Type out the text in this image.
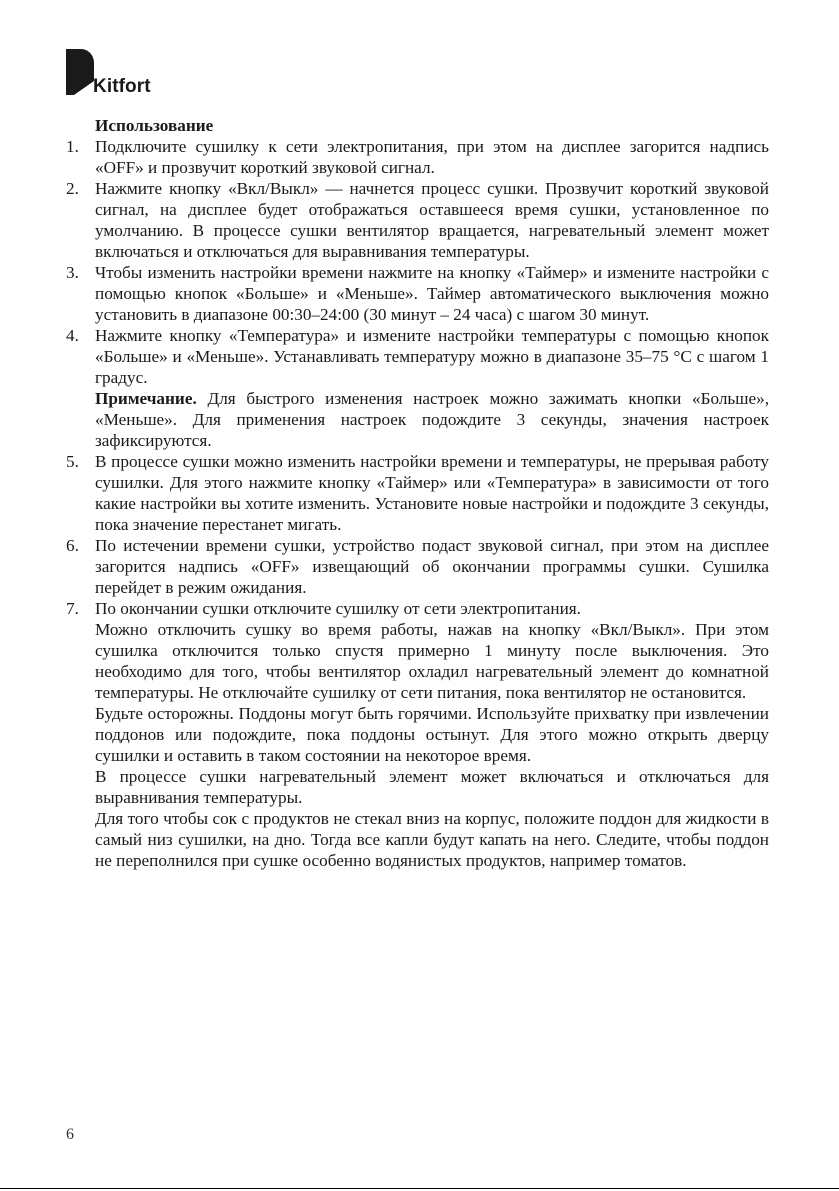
Kitfort

Использование

1. Подключите сушилку к сети электропитания, при этом на дисплее загорится надпись «OFF» и прозвучит короткий звуковой сигнал.

2. Нажмите кнопку «Вкл/Выкл» — начнется процесс сушки. Прозвучит короткий звуковой сигнал, на дисплее будет отображаться оставшееся время сушки, установленное по умолчанию. В процессе сушки вентилятор вращается, нагревательный элемент может включаться и отключаться для выравнивания температуры.

3. Чтобы изменить настройки времени нажмите на кнопку «Таймер» и измените настройки с помощью кнопок «Больше» и «Меньше». Таймер автоматического выключения можно установить в диапазоне 00:30–24:00 (30 минут – 24 часа) с шагом 30 минут.

4. Нажмите кнопку «Температура» и измените настройки температуры с помощью кнопок «Больше» и «Меньше». Устанавливать температуру можно в диапазоне 35–75 °С с шагом 1 градус.

Примечание. Для быстрого изменения настроек можно зажимать кнопки «Больше», «Меньше». Для применения настроек подождите 3 секунды, значения настроек зафиксируются.

5. В процессе сушки можно изменить настройки времени и температуры, не прерывая работу сушилки. Для этого нажмите кнопку «Таймер» или «Температура» в зависимости от того какие настройки вы хотите изменить. Установите новые настройки и подождите 3 секунды, пока значение перестанет мигать.

6. По истечении времени сушки, устройство подаст звуковой сигнал, при этом на дисплее загорится надпись «OFF» извещающий об окончании программы сушки. Сушилка перейдет в режим ожидания.

7. По окончании сушки отключите сушилку от сети электропитания.

Можно отключить сушку во время работы, нажав на кнопку «Вкл/Выкл». При этом сушилка отключится только спустя примерно 1 минуту после выключения. Это необходимо для того, чтобы вентилятор охладил нагревательный элемент до комнатной температуры. Не отключайте сушилку от сети питания, пока вентилятор не остановится.

Будьте осторожны. Поддоны могут быть горячими. Используйте прихватку при извлечении поддонов или подождите, пока поддоны остынут. Для этого можно открыть дверцу сушилки и оставить в таком состоянии на некоторое время.

В процессе сушки нагревательный элемент может включаться и отключаться для выравнивания температуры.

Для того чтобы сок с продуктов не стекал вниз на корпус, положите поддон для жидкости в самый низ сушилки, на дно. Тогда все капли будут капать на него. Следите, чтобы поддон не переполнился при сушке особенно водянистых продуктов, например томатов.

6
